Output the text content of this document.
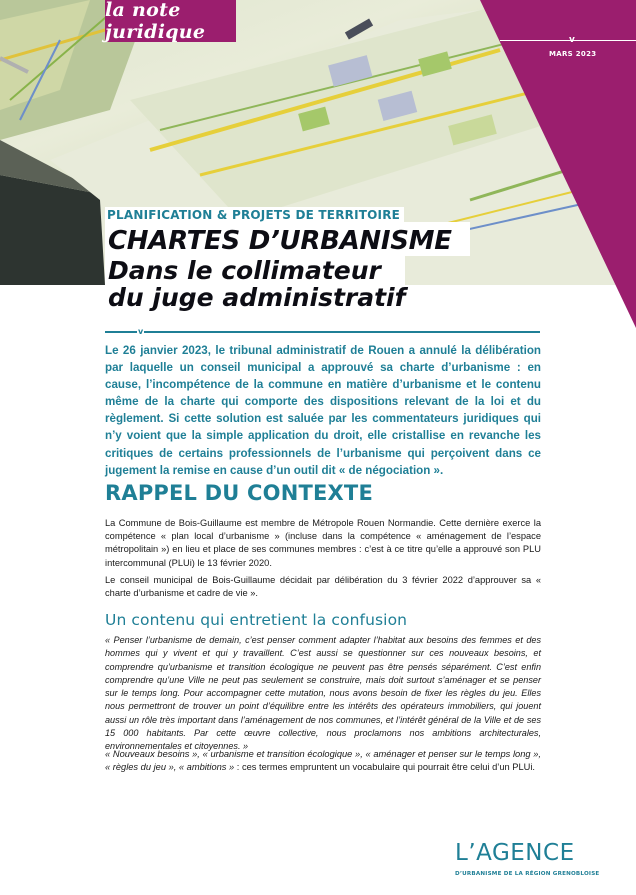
la note juridique	v
MARS 2023
PLANIFICATION & PROJETS DE TERRITOIRE
CHARTES D’URBANISME
Dans le collimateur
du juge administratif
v

Le 26 janvier 2023, le tribunal administratif de Rouen a annulé la délibération par laquelle un conseil municipal a approuvé sa charte d’urbanisme : en cause, l’incompétence de la commune en matière d’urbanisme et le contenu même de la charte qui comporte des dispositions relevant de la loi et du règlement. Si cette solution est saluée par les commentateurs juridiques qui n’y voient que la simple application du droit, elle cristallise en revanche les critiques de certains professionnels de l’urbanisme qui perçoivent dans ce jugement la remise en cause d’un outil dit « de négociation ».

RAPPEL DU CONTEXTE

La Commune de Bois-Guillaume est membre de Métropole Rouen Normandie. Cette dernière exerce la compétence « plan local d’urbanisme » (incluse dans la compétence « aménagement de l’espace métropolitain ») en lieu et place de ses communes membres : c’est à ce titre qu’elle a approuvé son PLU intercommunal (PLUi) le 13 février 2020.

Le conseil municipal de Bois-Guillaume décidait par délibération du 3 février 2022 d’approuver sa « charte d’urbanisme et cadre de vie ».

Un contenu qui entretient la confusion

« Penser l’urbanisme de demain, c’est penser comment adapter l’habitat aux besoins des femmes et des hommes qui y vivent et qui y travaillent. C’est aussi se questionner sur ces nouveaux besoins, et comprendre qu’urbanisme et transition écologique ne peuvent pas être pensés séparément. C’est enfin comprendre qu’une Ville ne peut pas seulement se construire, mais doit surtout s’aménager et se penser sur le temps long. Pour accompagner cette mutation, nous avons besoin de fixer les règles du jeu. Elles nous permettront de trouver un point d’équilibre entre les intérêts des opérateurs immobiliers, qui jouent aussi un rôle très important dans l’aménagement de nos communes, et l’intérêt général de la Ville et de ses 15 000 habitants. Par cette œuvre collective, nous proclamons nos ambitions architecturales, environnementales et citoyennes. »

« Nouveaux besoins », « urbanisme et transition écologique », « aménager et penser sur le temps long », « règles du jeu », « ambitions » : ces termes empruntent un vocabulaire qui pourrait être celui d’un PLUi.

L’AGENCE
D’URBANISME DE LA RÉGION GRENOBLOISE
